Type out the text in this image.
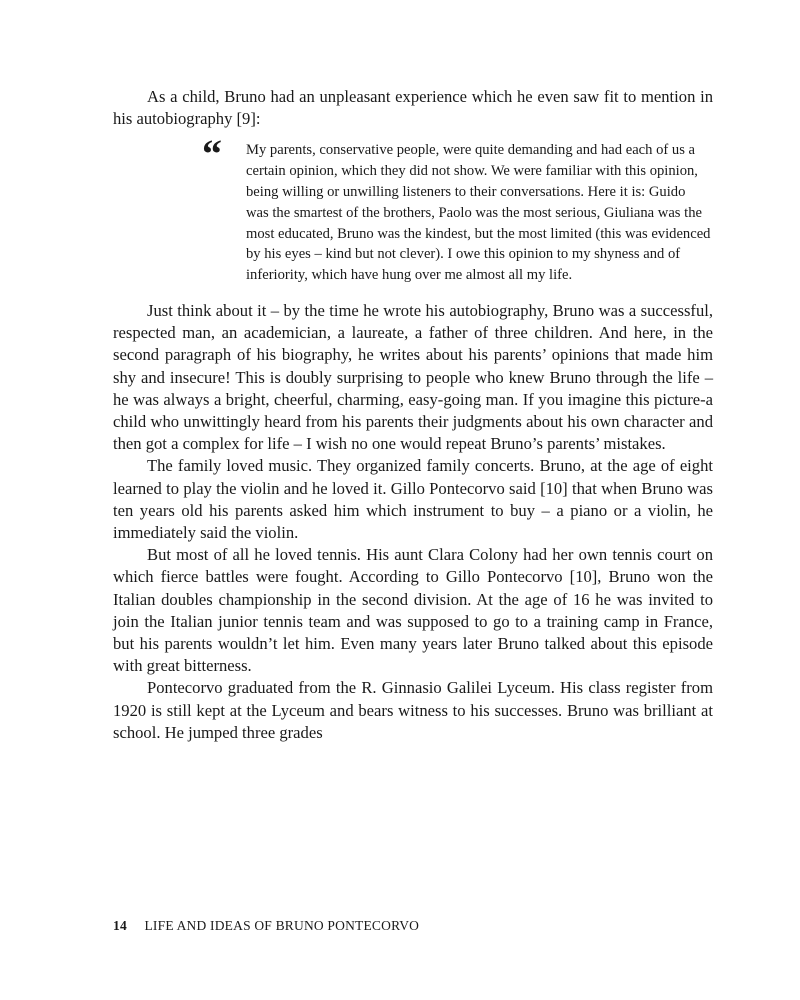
As a child, Bruno had an unpleasant experience which he even saw fit to mention in his autobiography [9]:

“ My parents, conservative people, were quite demanding and had each of us a certain opinion, which they did not show. We were familiar with this opinion, being willing or unwilling listeners to their conversations. Here it is: Guido was the smartest of the brothers, Paolo was the most serious, Giuliana was the most educated, Bruno was the kindest, but the most limited (this was evidenced by his eyes – kind but not clever). I owe this opinion to my shyness and of inferiority, which have hung over me almost all my life.

Just think about it – by the time he wrote his autobiography, Bruno was a successful, respected man, an academician, a laureate, a father of three children. And here, in the second paragraph of his biography, he writes about his parents’ opinions that made him shy and insecure! This is doubly surprising to people who knew Bruno through the life – he was always a bright, cheerful, charming, easy-going man. If you imagine this picture-a child who unwittingly heard from his parents their judgments about his own character and then got a complex for life – I wish no one would repeat Bruno’s parents’ mistakes.

The family loved music. They organized family concerts. Bruno, at the age of eight learned to play the violin and he loved it. Gillo Pontecorvo said [10] that when Bruno was ten years old his parents asked him which instrument to buy – a piano or a violin, he immediately said the violin.

But most of all he loved tennis. His aunt Clara Colony had her own tennis court on which fierce battles were fought. According to Gillo Pontecorvo [10], Bruno won the Italian doubles championship in the second division. At the age of 16 he was invited to join the Italian junior tennis team and was supposed to go to a training camp in France, but his parents wouldn’t let him. Even many years later Bruno talked about this episode with great bitterness.

Pontecorvo graduated from the R. Ginnasio Galilei Lyceum. His class register from 1920 is still kept at the Lyceum and bears witness to his successes. Bruno was brilliant at school. He jumped three grades

14 LIFE AND IDEAS OF BRUNO PONTECORVO
